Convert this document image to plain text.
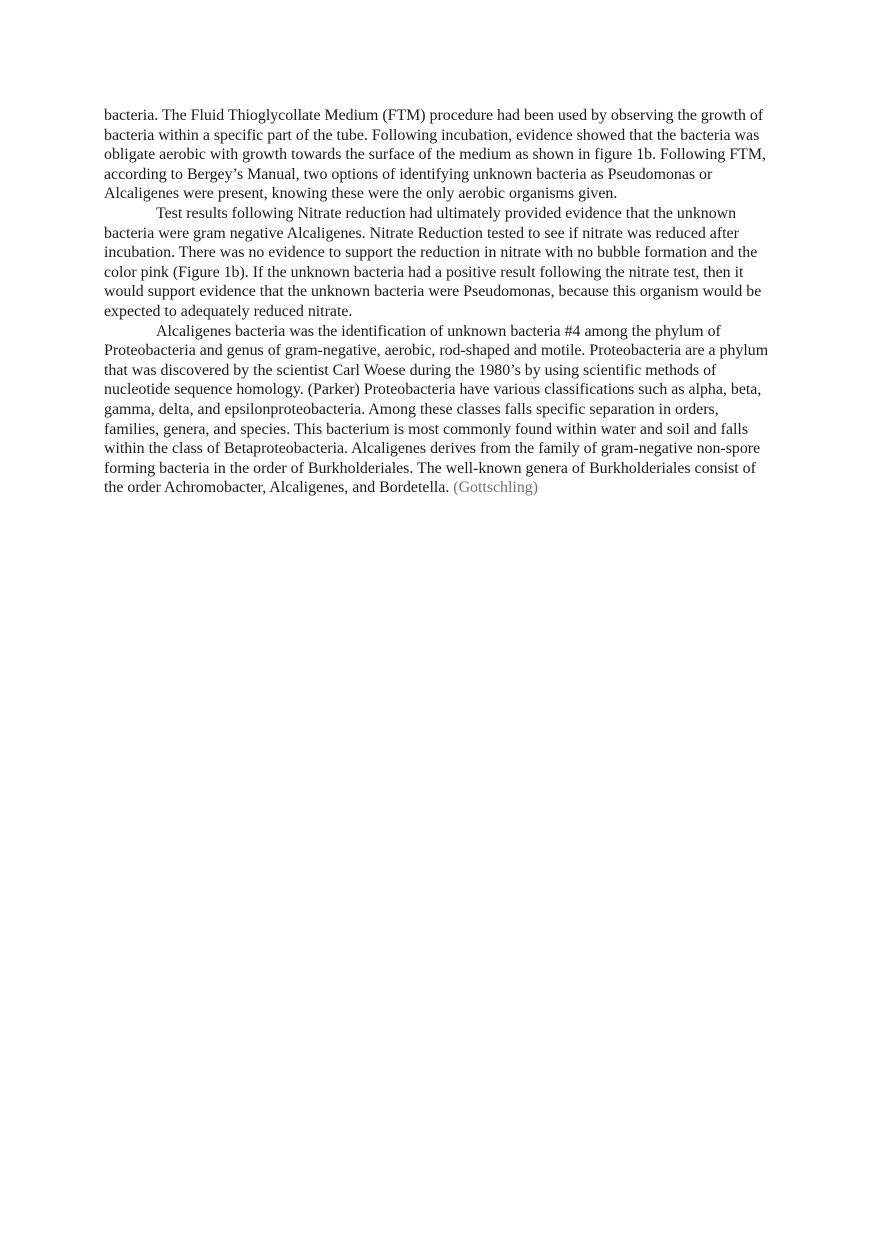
bacteria. The Fluid Thioglycollate Medium (FTM) procedure had been used by observing the growth of bacteria within a specific part of the tube. Following incubation, evidence showed that the bacteria was obligate aerobic with growth towards the surface of the medium as shown in figure 1b. Following FTM, according to Bergey’s Manual, two options of identifying unknown bacteria as Pseudomonas or Alcaligenes were present, knowing these were the only aerobic organisms given.

Test results following Nitrate reduction had ultimately provided evidence that the unknown bacteria were gram negative Alcaligenes. Nitrate Reduction tested to see if nitrate was reduced after incubation. There was no evidence to support the reduction in nitrate with no bubble formation and the color pink (Figure 1b). If the unknown bacteria had a positive result following the nitrate test, then it would support evidence that the unknown bacteria were Pseudomonas, because this organism would be expected to adequately reduced nitrate.

Alcaligenes bacteria was the identification of unknown bacteria #4 among the phylum of Proteobacteria and genus of gram-negative, aerobic, rod-shaped and motile. Proteobacteria are a phylum that was discovered by the scientist Carl Woese during the 1980’s by using scientific methods of nucleotide sequence homology. (Parker) Proteobacteria have various classifications such as alpha, beta, gamma, delta, and epsilonproteobacteria. Among these classes falls specific separation in orders, families, genera, and species. This bacterium is most commonly found within water and soil and falls within the class of Betaproteobacteria. Alcaligenes derives from the family of gram-negative non-spore forming bacteria in the order of Burkholderiales. The well-known genera of Burkholderiales consist of the order Achromobacter, Alcaligenes, and Bordetella. (Gottschling)
